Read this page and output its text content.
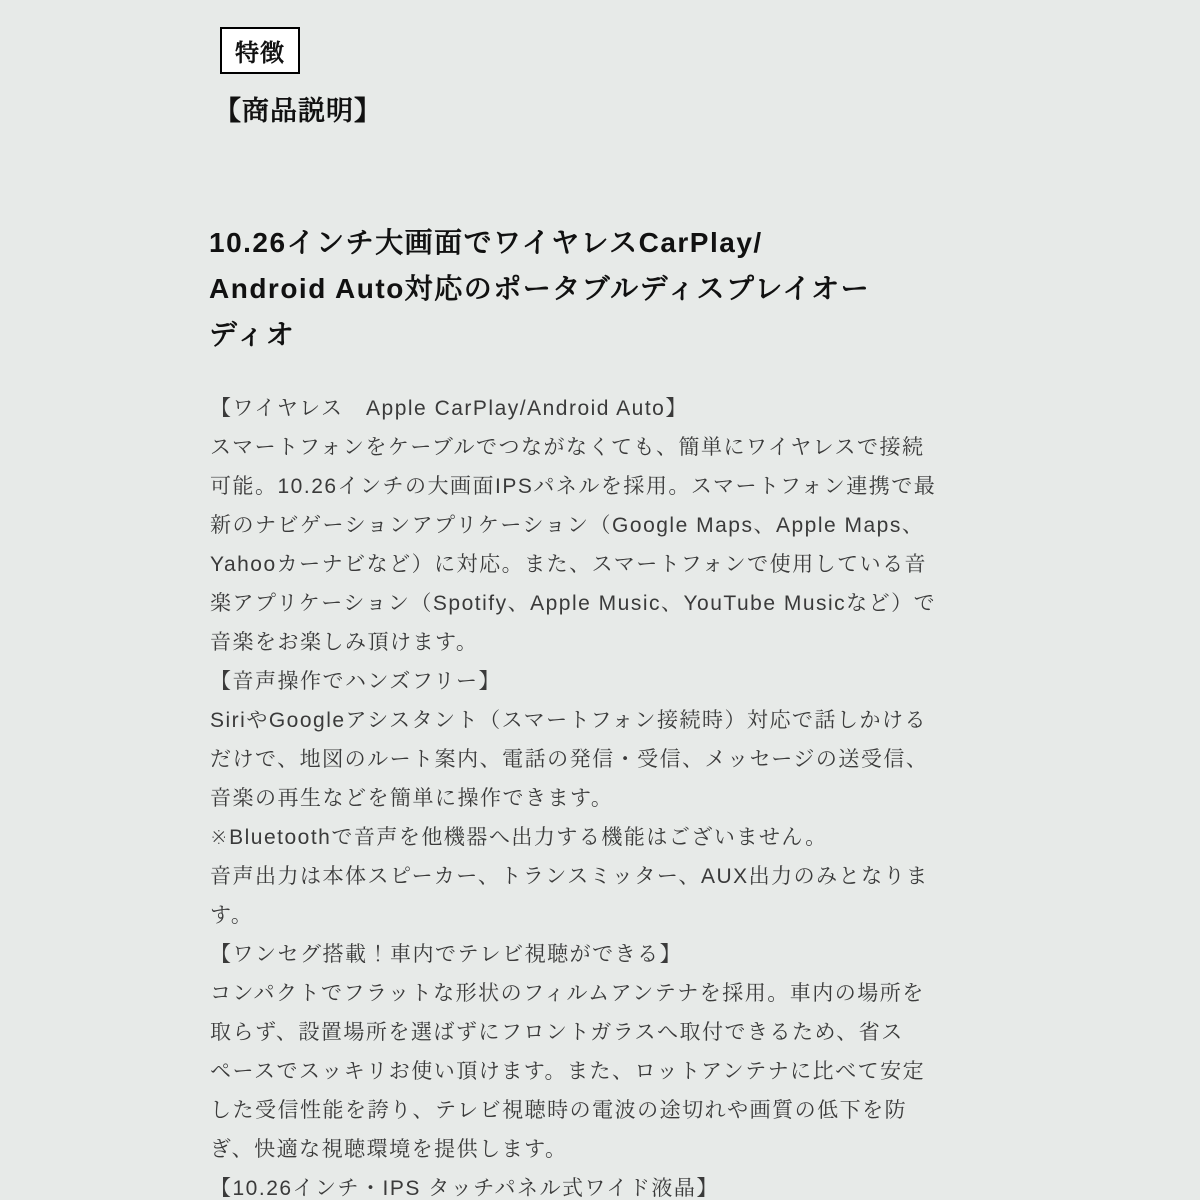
特徴
【商品説明】
10.26インチ大画面でワイヤレスCarPlay/
Android Auto対応のポータブルディスプレイオー
ディオ
【ワイヤレス　Apple CarPlay/Android Auto】
スマートフォンをケーブルでつながなくても、簡単にワイヤレスで接続
可能。10.26インチの大画面IPSパネルを採用。スマートフォン連携で最
新のナビゲーションアプリケーション（Google Maps、Apple Maps、
Yahooカーナビなど）に対応。また、スマートフォンで使用している音
楽アプリケーション（Spotify、Apple Music、YouTube Musicなど）で
音楽をお楽しみ頂けます。
【音声操作でハンズフリー】
SiriやGoogleアシスタント（スマートフォン接続時）対応で話しかける
だけで、地図のルート案内、電話の発信・受信、メッセージの送受信、
音楽の再生などを簡単に操作できます。
※Bluetoothで音声を他機器へ出力する機能はございません。
音声出力は本体スピーカー、トランスミッター、AUX出力のみとなりま
す。
【ワンセグ搭載！車内でテレビ視聴ができる】
コンパクトでフラットな形状のフィルムアンテナを採用。車内の場所を
取らず、設置場所を選ばずにフロントガラスへ取付できるため、省ス
ペースでスッキリお使い頂けます。また、ロットアンテナに比べて安定
した受信性能を誇り、テレビ視聴時の電波の途切れや画質の低下を防
ぎ、快適な視聴環境を提供します。
【10.26インチ・IPS タッチパネル式ワイド液晶】
